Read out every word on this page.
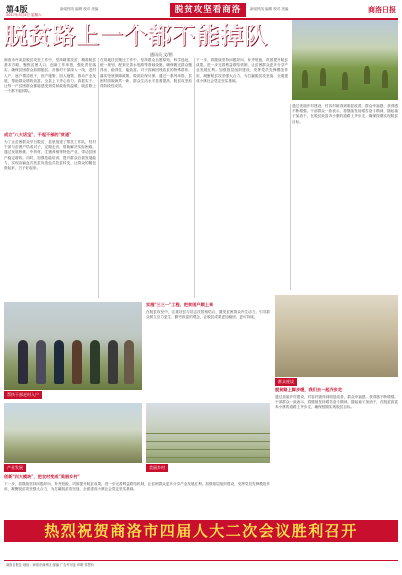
第4版
2017年3月4日 星期六
新闻热线 编辑 校对 美编	脱贫攻坚看商洛	新闻热线 编辑 校对 美编	商洛日报
脱贫路上一个都不能掉队
通讯员 文/图
商洛市丹凤县脱贫攻坚工作中，坚持精准扶贫、精准脱贫基本方略，聚焦贫困人口，创新工作举措，强化责任落实，确保贫困群众如期脱贫。各镇村干部深入一线，进村入户，逐户摸清底子，因户施策，因人施策，推动产业发展，帮助群众增收致富。全县上下齐心协力，真抓实干，让每一户贫困群众都能感受到党和政府的温暖，脱贫路上一个都不能掉队。
成立"八大话宝"，干起干部的"贫道"
为了让贫困群众早日脱贫，县里组建了帮扶工作队，驻村干部与贫困户结成对子，定期走访，帮助解决实际困难。通过发展核桃、中药材、生猪养殖等特色产业，带动贫困户稳定增收。同时，加强技能培训，提升群众自我发展能力，实现由输血式扶贫向造血式扶贫转变，让群众的腰包鼓起来、日子好起来。
在易地扶贫搬迁工作中，坚持群众自愿原则，科学选址，统一规划，配套完善水电路等基础设施，确保搬迁群众搬得出、稳得住、能致富。对于因病因残致贫的特殊群体，落实兜底保障政策，做到应保尽保。通过一系列举措，贫困村面貌焕然一新，群众生活水平显著提高，脱贫攻坚取得阶段性成效。
下一步，将继续坚持问题导向，补齐短板，巩固提升脱贫成果。进一步完善利益联结机制，让贫困群众更多分享产业发展红利。加强基层组织建设，发挥党员先锋模范作用，凝聚脱贫攻坚强大合力，为打赢脱贫攻坚战、全面建成小康社会奠定坚实基础。
通过美丽乡村建设，村容村貌得到明显改善，群众幸福感、获得感不断增强。干部群众一致表示，将继续发扬艰苦奋斗精神，撸起袖子加油干，在脱贫致富奔小康的道路上齐步走，确保按期实现脱贫目标。
帮扶干部走村入户
实施"三三一"工程，把贫困户顾上来
在脱贫攻坚中，注重扶贫与扶志扶智相结合，激发贫困群众内生动力，引导群众树立自力更生、勤劳致富的观念，让脱贫成果更加稳固、更可持续。
群众座谈
脱贫路上脚步缓，我们去一起齐步走
通过美丽乡村建设，村容村貌得到明显改善，群众幸福感、获得感不断增强。干部群众一致表示，将继续发扬艰苦奋斗精神，撸起袖子加油干，在脱贫致富奔小康的道路上齐步走，确保按期实现脱贫目标。
产业发展	美丽乡村
创新"四大模块"，把农村变成"美丽乡村"
下一步，将继续坚持问题导向，补齐短板，巩固提升脱贫成果。进一步完善利益联结机制，让贫困群众更多分享产业发展红利。加强基层组织建设，发挥党员先锋模范作用，凝聚脱贫攻坚强大合力，为打赢脱贫攻坚战、全面建成小康社会奠定坚实基础。
热烈祝贺商洛市四届人大二次会议胜利召开
商洛日报社 地址：商洛市商州区 邮编 广告许可证 印刷 零售价
